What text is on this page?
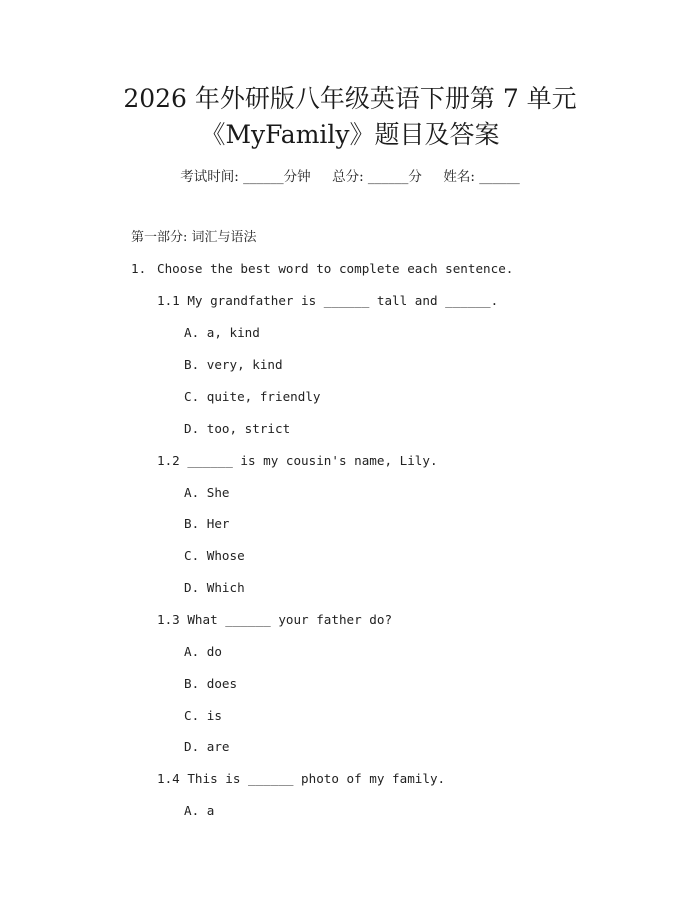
2026 年外研版八年级英语下册第 7 单元
《MyFamily》题目及答案
考试时间: ______分钟     总分: ______分     姓名: ______
第一部分: 词汇与语法
1. Choose the best word to complete each sentence.
1.1 My grandfather is ______ tall and ______.
A. a, kind
B. very, kind
C. quite, friendly
D. too, strict
1.2 ______ is my cousin's name, Lily.
A. She
B. Her
C. Whose
D. Which
1.3 What ______ your father do?
A. do
B. does
C. is
D. are
1.4 This is ______ photo of my family.
A. a
